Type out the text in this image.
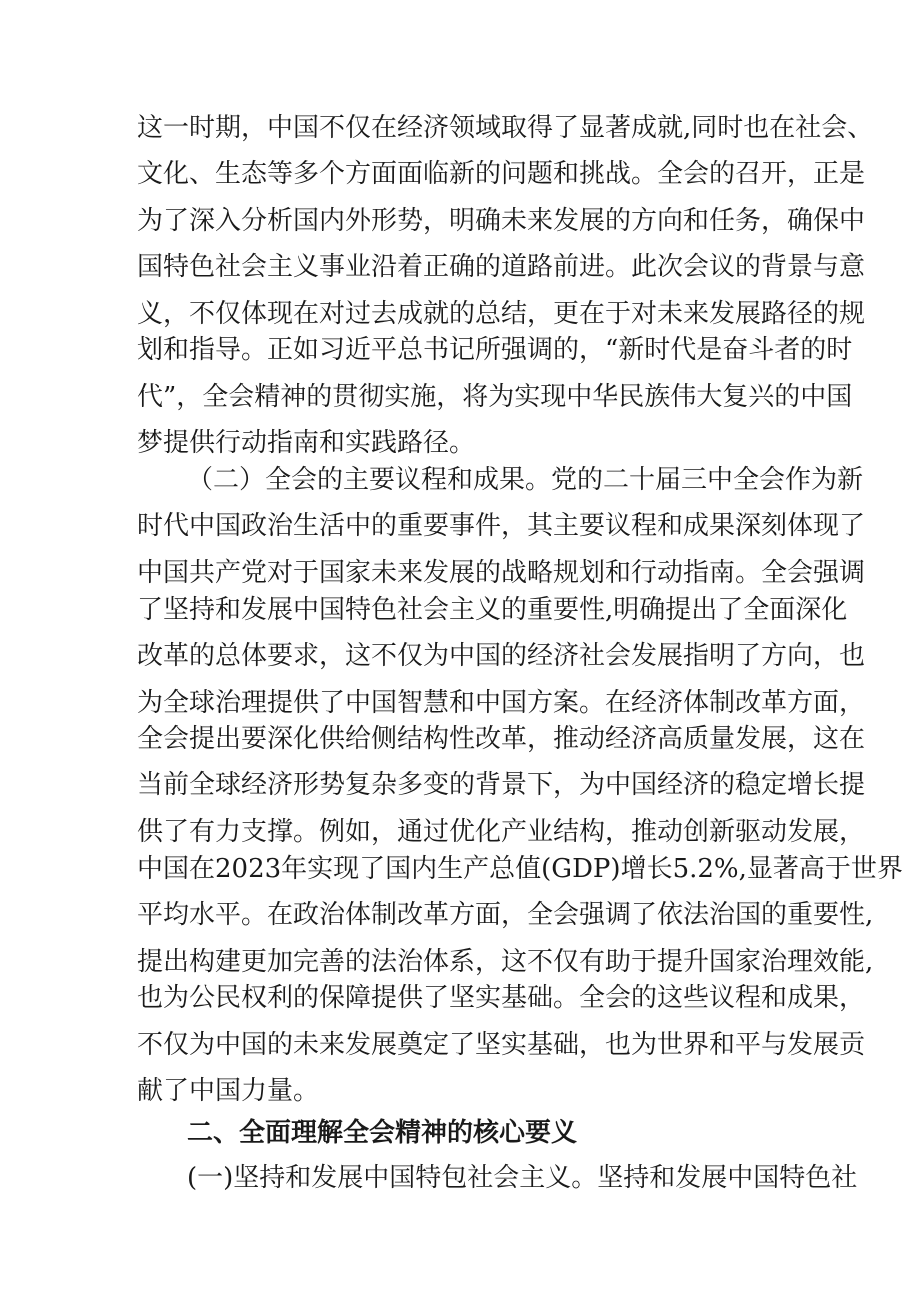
这一时期，中国不仅在经济领域取得了显著成就,同时也在社会、
文化、生态等多个方面面临新的问题和挑战。全会的召开，正是
为了深入分析国内外形势，明确未来发展的方向和任务，确保中
国特色社会主义事业沿着正确的道路前进。此次会议的背景与意
义，不仅体现在对过去成就的总结，更在于对未来发展路径的规
划和指导。正如习近平总书记所强调的，“新时代是奋斗者的时
代”，全会精神的贯彻实施，将为实现中华民族伟大复兴的中国
梦提供行动指南和实践路径。
（二）全会的主要议程和成果。党的二十届三中全会作为新
时代中国政治生活中的重要事件，其主要议程和成果深刻体现了
中国共产党对于国家未来发展的战略规划和行动指南。全会强调
了坚持和发展中国特色社会主义的重要性,明确提出了全面深化
改革的总体要求，这不仅为中国的经济社会发展指明了方向，也
为全球治理提供了中国智慧和中国方案。在经济体制改革方面，
全会提出要深化供给侧结构性改革，推动经济高质量发展，这在
当前全球经济形势复杂多变的背景下，为中国经济的稳定增长提
供了有力支撑。例如，通过优化产业结构，推动创新驱动发展，
中国在2023年实现了国内生产总值(GDP)增长5.2%,显著高于世界
平均水平。在政治体制改革方面，全会强调了依法治国的重要性,
提出构建更加完善的法治体系，这不仅有助于提升国家治理效能,
也为公民权利的保障提供了坚实基础。全会的这些议程和成果，
不仅为中国的未来发展奠定了坚实基础，也为世界和平与发展贡
献了中国力量。
二、全面理解全会精神的核心要义
(一)坚持和发展中国特包社会主义。坚持和发展中国特色社
